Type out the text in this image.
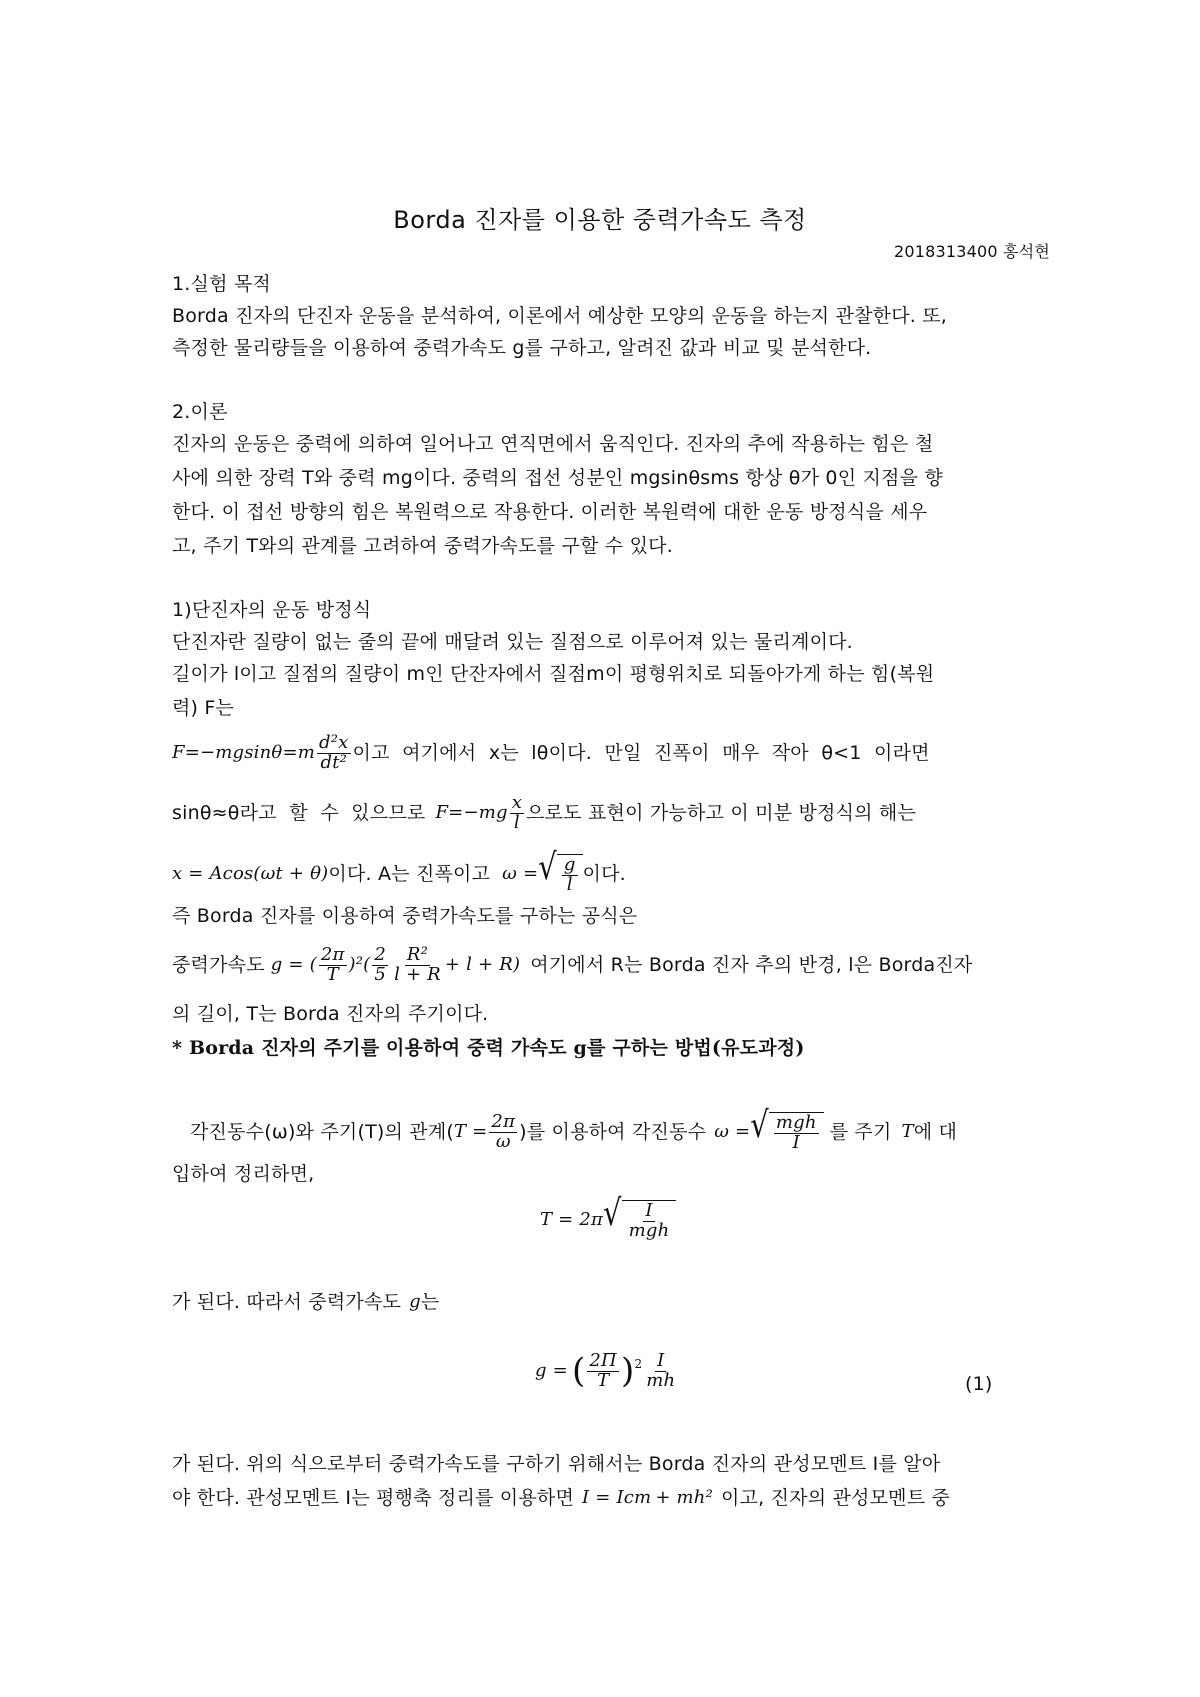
Borda 진자를 이용한 중력가속도 측정
2018313400 홍석현
1.실험 목적
Borda 진자의 단진자 운동을 분석하여, 이론에서 예상한 모양의 운동을 하는지 관찰한다. 또,
측정한 물리량들을 이용하여 중력가속도 g를 구하고, 알려진 값과 비교 및 분석한다.
2.이론
진자의 운동은 중력에 의하여 일어나고 연직면에서 움직인다. 진자의 추에 작용하는 힘은 철
사에 의한 장력 T와 중력 mg이다. 중력의 접선 성분인 mgsinθsms 항상 θ가 0인 지점을 향
한다. 이 접선 방향의 힘은 복원력으로 작용한다. 이러한 복원력에 대한 운동 방정식을 세우
고, 주기 T와의 관계를 고려하여 중력가속도를 구할 수 있다.
1)단진자의 운동 방정식
단진자란 질량이 없는 줄의 끝에 매달려 있는 질점으로 이루어져 있는 물리계이다.
길이가 l이고 질점의 질량이 m인 단잔자에서 질점m이 평형위치로 되돌아가게 하는 힘(복원
력) F는
$F=-mgsin\theta=m \frac{\text{d²x}}{\text{dt²}}$ 이고  여기에서  x는  lθ이다.  만일  진폭이  매우  작아  θ<1  이라면
sinθ≈θ라고  할  수  있으므로 $F=-mg \frac{x}{l}$ 으로도 표현이 가능하고 이 미분 방정식의 해는
x = Acos(ωt + θ) 이다. A는 진폭이고 ω = √ $\frac{g}{l}$ 이다.
즉 Borda 진자를 이용하여 중력가속도를 구하는 공식은
중력가속도 g = ( $\frac{2\pi}{T} )^2( \frac{2}{5} \frac{\text{R²}}{l + R} + l + R)$ 여기에서 R는 Borda 진자 추의 반경, l은 Borda진자
의 길이, T는 Borda 진자의 주기이다.
* Borda 진자의 주기를 이용하여 중력 가속도 g를 구하는 방법(유도과정)
각진동수(ω)와 주기(T)의 관계( $T = \frac{2\pi}{\omega}$ )를 이용하여 각진동수 ω = √ $\frac{\text{mgh}}{I}$ 를 주기 T 에 대
입하여 정리하면,
T = 2π √ $\frac{I}{\text{mgh}}$
가 된다. 따라서 중력가속도 g 는
g = ( $\frac{2\Pi}{T}$ ) $2 \frac{I}{mh}$	(1)
가 된다. 위의 식으로부터 중력가속도를 구하기 위해서는 Borda 진자의 관성모멘트 I를 알아
야 한다. 관성모멘트 I는 평행축 정리를 이용하면 I = I cm + mh² 이고, 진자의 관성모멘트 중
